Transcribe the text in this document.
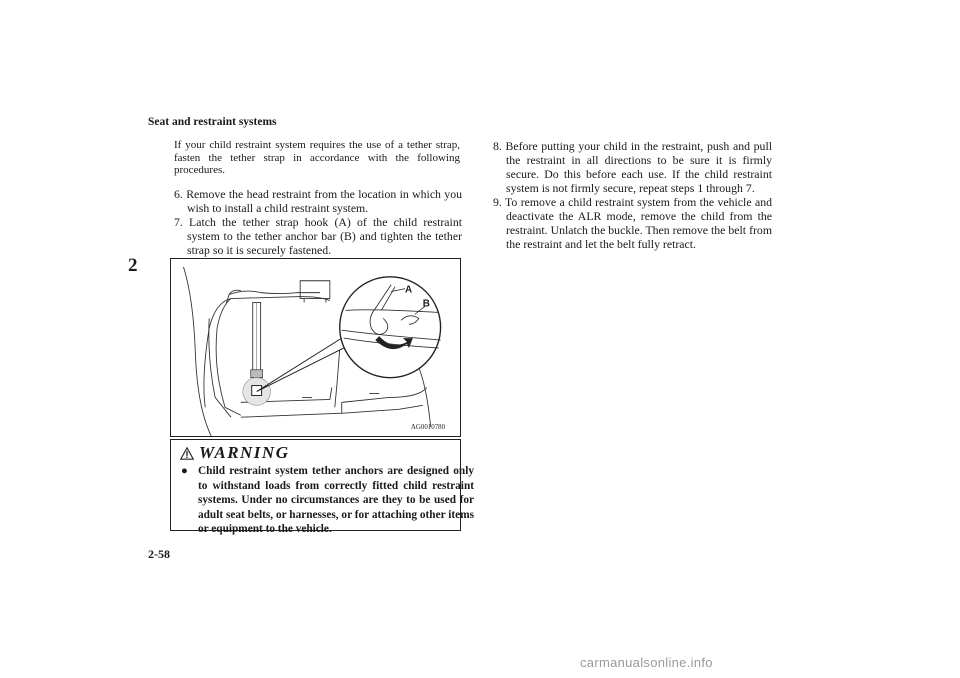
Seat and restraint systems
2
If your child restraint system requires the use of a tether strap, fasten the tether strap in accordance with the following procedures.

6. Remove the head restraint from the location in which you wish to install a child restraint system.

7. Latch the tether strap hook (A) of the child restraint system to the tether anchor bar (B) and tighten the tether strap so it is securely fastened.

A
B
AG0010780
WARNING
● Child restraint system tether anchors are designed only to withstand loads from correctly fitted child restraint systems. Under no circumstances are they to be used for adult seat belts, or harnesses, or for attaching other items or equipment to the vehicle.

8. Before putting your child in the restraint, push and pull the restraint in all directions to be sure it is firmly secure. Do this before each use. If the child restraint system is not firmly secure, repeat steps 1 through 7.

9. To remove a child restraint system from the vehicle and deactivate the ALR mode, remove the child from the restraint. Unlatch the buckle. Then remove the belt from the restraint and let the belt fully retract.

2-58
carmanualsonline.info
